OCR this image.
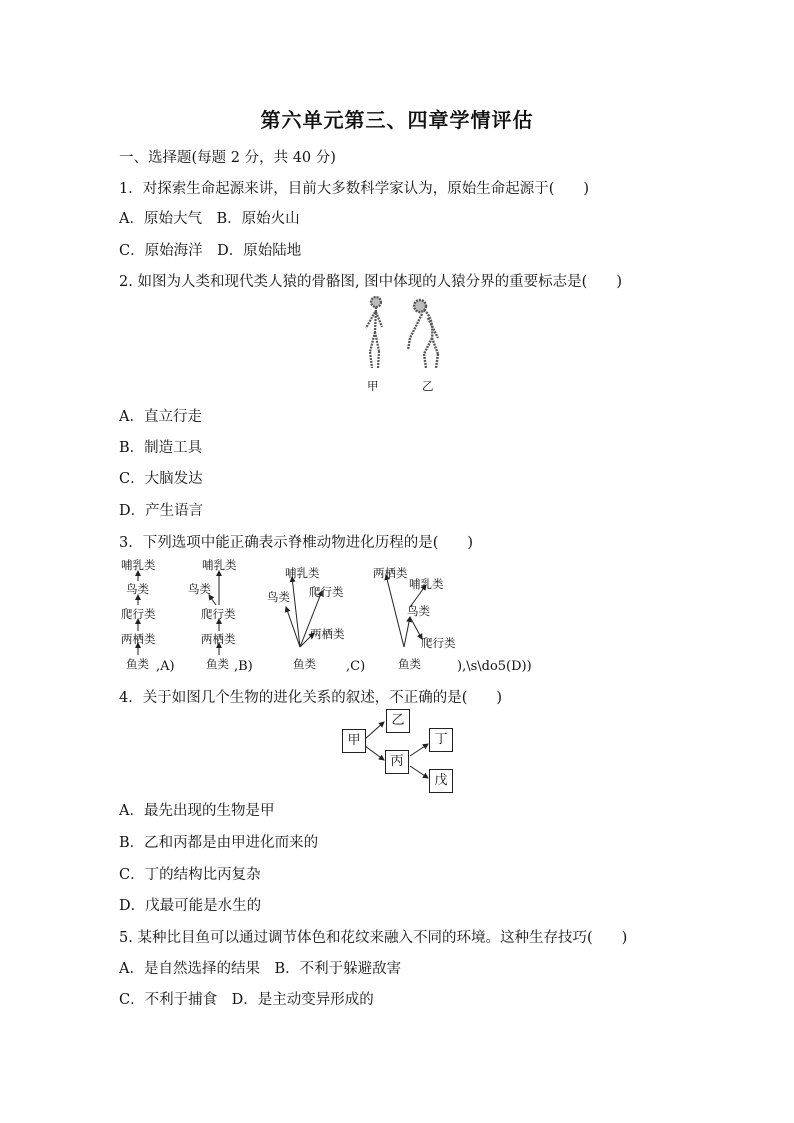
第六单元第三、四章学情评估
一、选择题(每题 2 分，共 40 分)
1．对探索生命起源来讲，目前大多数科学家认为，原始生命起源于(　　)
A．原始大气　B．原始火山
C．原始海洋　D．原始陆地
2. 如图为人类和现代类人猿的骨骼图, 图中体现的人猿分界的重要标志是(　　)
甲	乙
A．直立行走
B．制造工具
C．大脑发达
D．产生语言
3．下列选项中能正确表示脊椎动物进化历程的是(　　)
哺乳类
鸟类
爬行类
两栖类
鱼类 ,A)
哺乳类
鸟类
爬行类
两栖类
鱼类 ,B)
哺乳类
鸟类 爬行类
两栖类
鱼类 ,C)
两栖类
哺乳类
鸟类
爬行类
鱼类	),\s\do5(D))
4．关于如图几个生物的进化关系的叙述，不正确的是(　　)
甲
乙
丙
丁
戊
A．最先出现的生物是甲
B．乙和丙都是由甲进化而来的
C．丁的结构比丙复杂
D．戊最可能是水生的
5. 某种比目鱼可以通过调节体色和花纹来融入不同的环境。这种生存技巧(　　)
A．是自然选择的结果　B．不利于躲避敌害
C．不利于捕食　D．是主动变异形成的
